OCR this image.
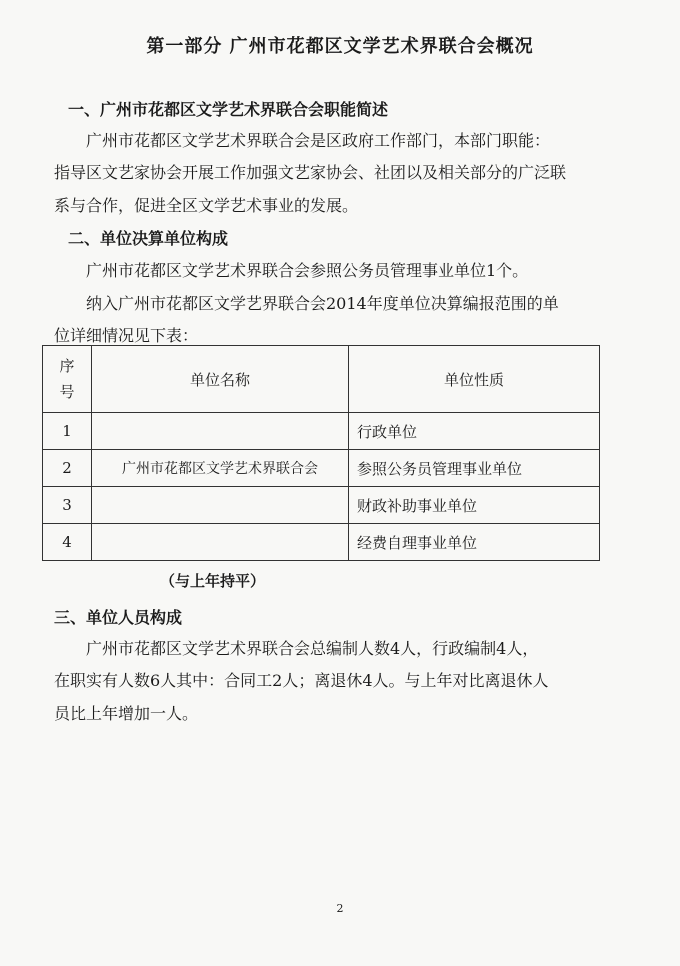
第一部分 广州市花都区文学艺术界联合会概况
一、广州市花都区文学艺术界联合会职能简述
广州市花都区文学艺术界联合会是区政府工作部门，本部门职能：
指导区文艺家协会开展工作加强文艺家协会、社团以及相关部分的广泛联
系与合作，促进全区文学艺术事业的发展。
二、单位决算单位构成
广州市花都区文学艺术界联合会参照公务员管理事业单位1个。
纳入广州市花都区文学艺界联合会2014年度单位决算编报范围的单
位详细情况见下表：
序
号	单位名称	单位性质
1		行政单位
2	广州市花都区文学艺术界联合会	参照公务员管理事业单位
3		财政补助事业单位
4		经费自理事业单位
（与上年持平）
三、单位人员构成
广州市花都区文学艺术界联合会总编制人数4人，行政编制4人，
在职实有人数6人其中：合同工2人；离退休4人。与上年对比离退休人
员比上年增加一人。
2
